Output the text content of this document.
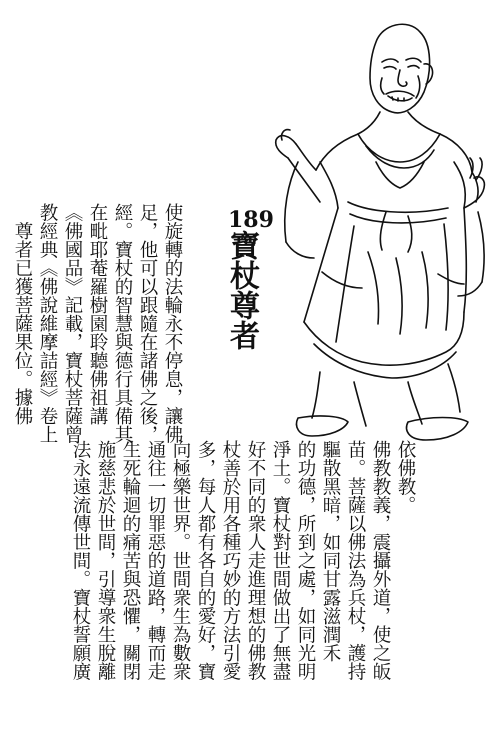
189
寶杖尊者
使旋轉的法輪永不停息，讓佛
足，他可以跟隨在諸佛之後，
經。寶杖的智慧與德行具備其
在毗耶菴羅樹園聆聽佛祖講
《佛國品》記載，寶杖菩薩曾
教經典《佛說維摩詰經》卷上
　尊者已獲菩薩果位。據佛
依佛教。
佛教教義，震攝外道，使之皈
苗。菩薩以佛法為兵杖，護持
驅散黑暗，如同甘露滋潤禾
的功德，所到之處，如同光明
淨土。寶杖對世間做出了無盡
好不同的衆人走進理想的佛教
杖善於用各種巧妙的方法引愛
多，每人都有各自的愛好，寶
向極樂世界。世間衆生為數衆
通往一切罪惡的道路，轉而走
生死輪迴的痛苦與恐懼，關閉
施慈悲於世間，引導衆生脫離
法永遠流傳世間。寶杖誓願廣
